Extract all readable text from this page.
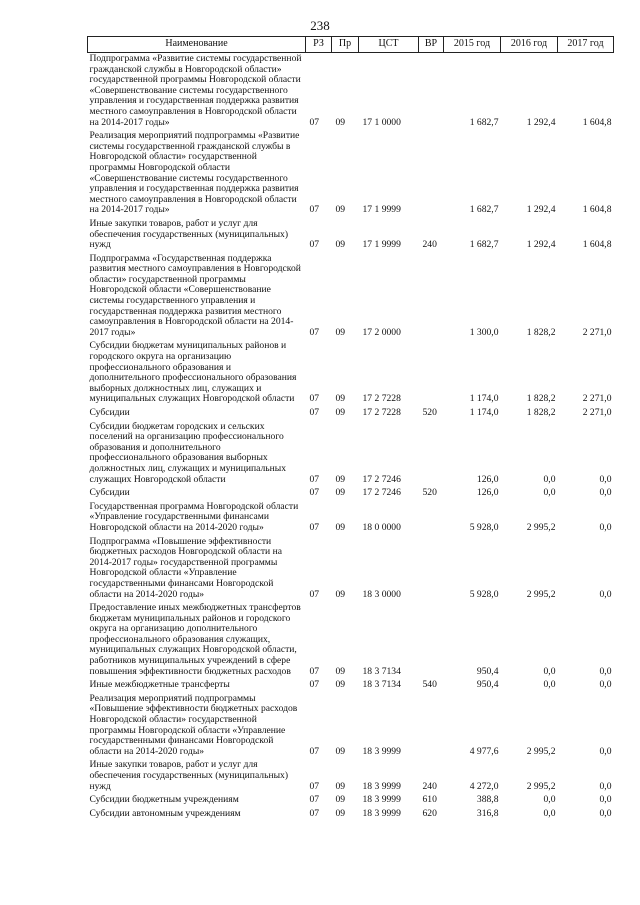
238
Наименование	РЗ	Пр	ЦСТ	ВР	2015 год	2016 год	2017 год
Подпрограмма «Развитие системы государственной гражданской службы в Новгородской области» государственной программы Новгородской области «Совершенствование системы государственного управления и государственная поддержка развития местного самоуправления в Новгородской области на 2014-2017 годы»	07	09	17 1 0000		1 682,7	1 292,4	1 604,8
Реализация мероприятий подпрограммы «Развитие системы государственной гражданской службы в Новгородской области» государственной программы Новгородской области «Совершенствование системы государственного управления и государственная поддержка развития местного самоуправления в Новгородской области на 2014-2017 годы»	07	09	17 1 9999		1 682,7	1 292,4	1 604,8
Иные закупки товаров, работ и услуг для обеспечения государственных (муниципальных) нужд	07	09	17 1 9999	240	1 682,7	1 292,4	1 604,8
Подпрограмма «Государственная поддержка развития местного самоуправления в Новгородской области» государственной программы Новгородской области «Совершенствование системы государственного управления и государственная поддержка развития местного самоуправления в Новгородской области на 2014-2017 годы»	07	09	17 2 0000		1 300,0	1 828,2	2 271,0
Субсидии бюджетам муниципальных районов и городского округа на организацию профессионального образования и дополнительного профессионального образования выборных должностных лиц, служащих и муниципальных служащих Новгородской области	07	09	17 2 7228		1 174,0	1 828,2	2 271,0
Субсидии	07	09	17 2 7228	520	1 174,0	1 828,2	2 271,0
Субсидии бюджетам городских и сельских поселений на организацию профессионального образования и дополнительного профессионального образования выборных должностных лиц, служащих и муниципальных служащих Новгородской области	07	09	17 2 7246		126,0	0,0	0,0
Субсидии	07	09	17 2 7246	520	126,0	0,0	0,0
Государственная программа Новгородской области «Управление государственными финансами Новгородской области на 2014-2020 годы»	07	09	18 0 0000		5 928,0	2 995,2	0,0
Подпрограмма «Повышение эффективности бюджетных расходов Новгородской области на 2014-2017 годы» государственной программы Новгородской области «Управление государственными финансами Новгородской области на 2014-2020 годы»	07	09	18 3 0000		5 928,0	2 995,2	0,0
Предоставление иных межбюджетных трансфертов бюджетам муниципальных районов и городского округа на организацию дополнительного профессионального образования служащих, муниципальных служащих Новгородской области, работников муниципальных учреждений в сфере повышения эффективности бюджетных расходов	07	09	18 3 7134		950,4	0,0	0,0
Иные межбюджетные трансферты	07	09	18 3 7134	540	950,4	0,0	0,0
Реализация мероприятий подпрограммы «Повышение эффективности бюджетных расходов Новгородской области» государственной программы Новгородской области «Управление государственными финансами Новгородской области на 2014-2020 годы»	07	09	18 3 9999		4 977,6	2 995,2	0,0
Иные закупки товаров, работ и услуг для обеспечения государственных (муниципальных) нужд	07	09	18 3 9999	240	4 272,0	2 995,2	0,0
Субсидии бюджетным учреждениям	07	09	18 3 9999	610	388,8	0,0	0,0
Субсидии автономным учреждениям	07	09	18 3 9999	620	316,8	0,0	0,0
